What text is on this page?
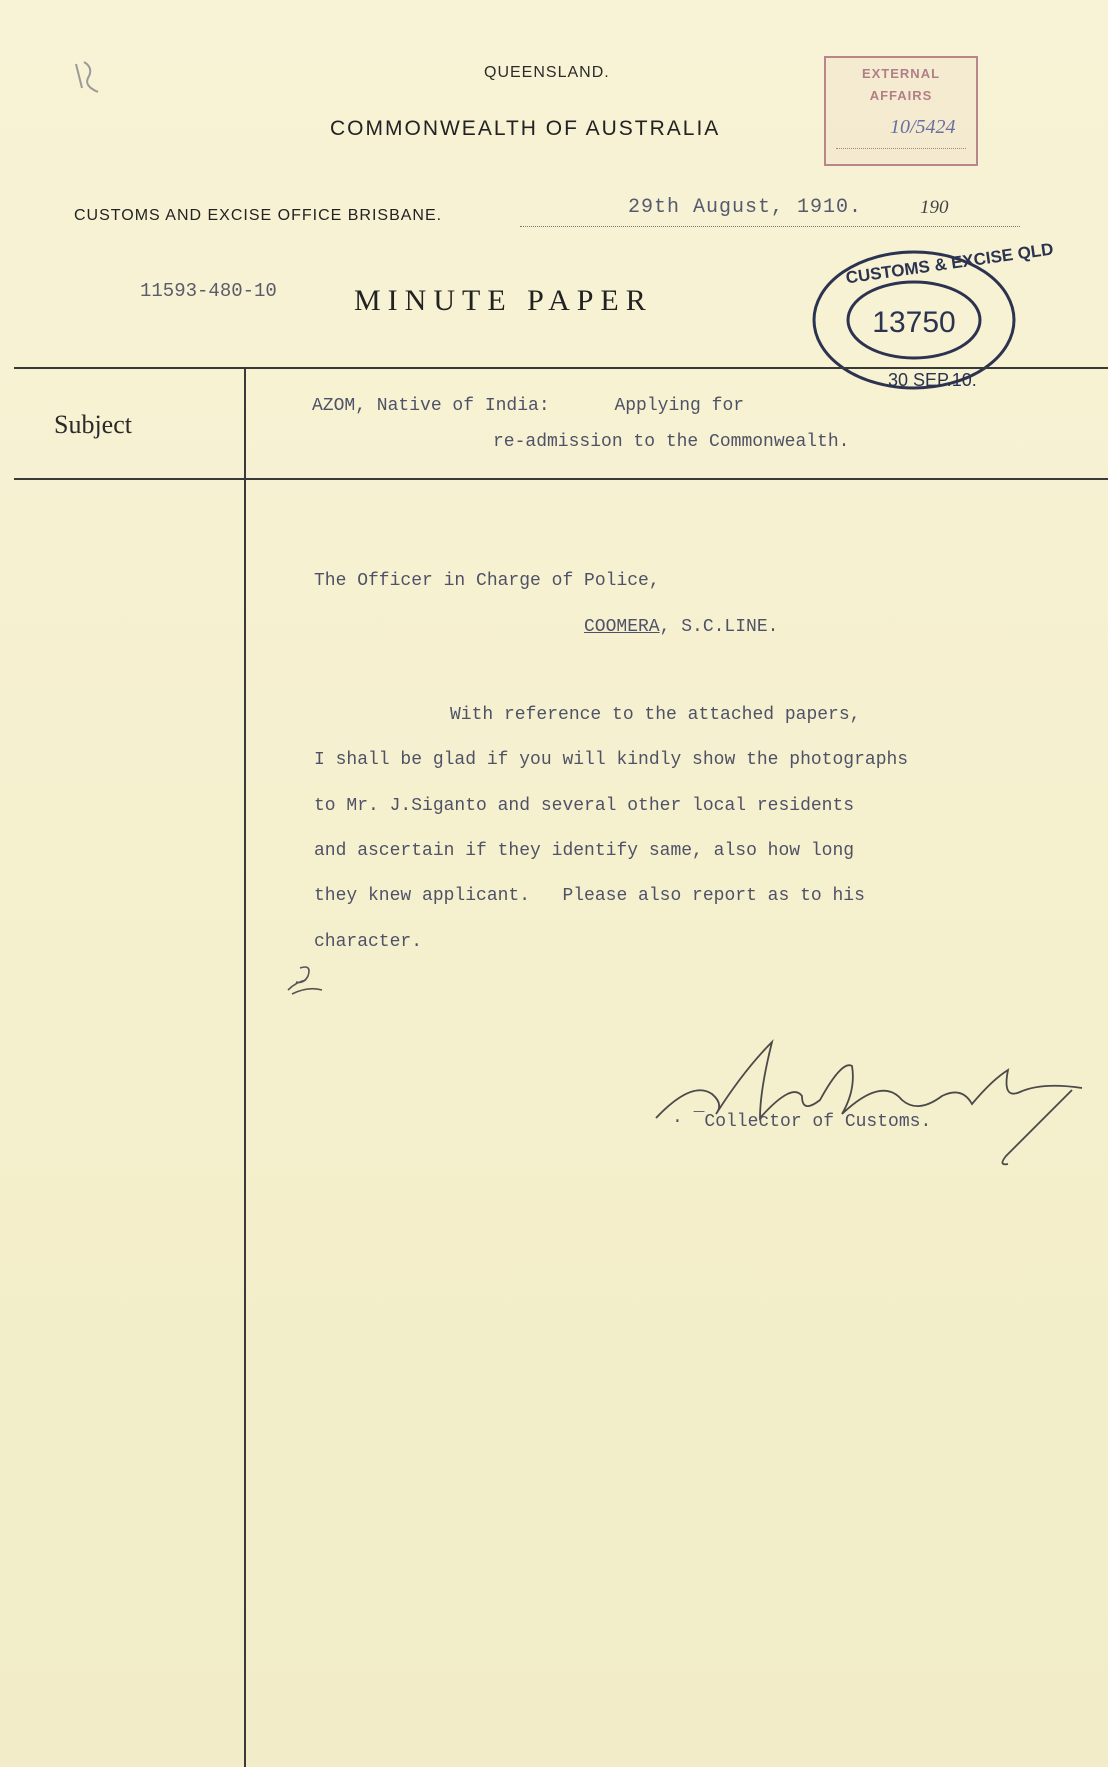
QUEENSLAND.
COMMONWEALTH OF AUSTRALIA
EXTERNAL
AFFAIRS
10/5424
CUSTOMS AND EXCISE OFFICE BRISBANE.	29th August, 1910.	190
11593-480-10	MINUTE PAPER
CUSTOMS & EXCISE QLD
13750
30 SEP.10.
Subject
AZOM, Native of India:      Applying for
re-admission to the Commonwealth.
The Officer in Charge of Police,
COOMERA, S.C.LINE.
With reference to the attached papers,
I shall be glad if you will kindly show the photographs
to Mr. J.Siganto and several other local residents
and ascertain if they identify same, also how long
they knew applicant.   Please also report as to his
character.
· ¯Collector of Customs.
